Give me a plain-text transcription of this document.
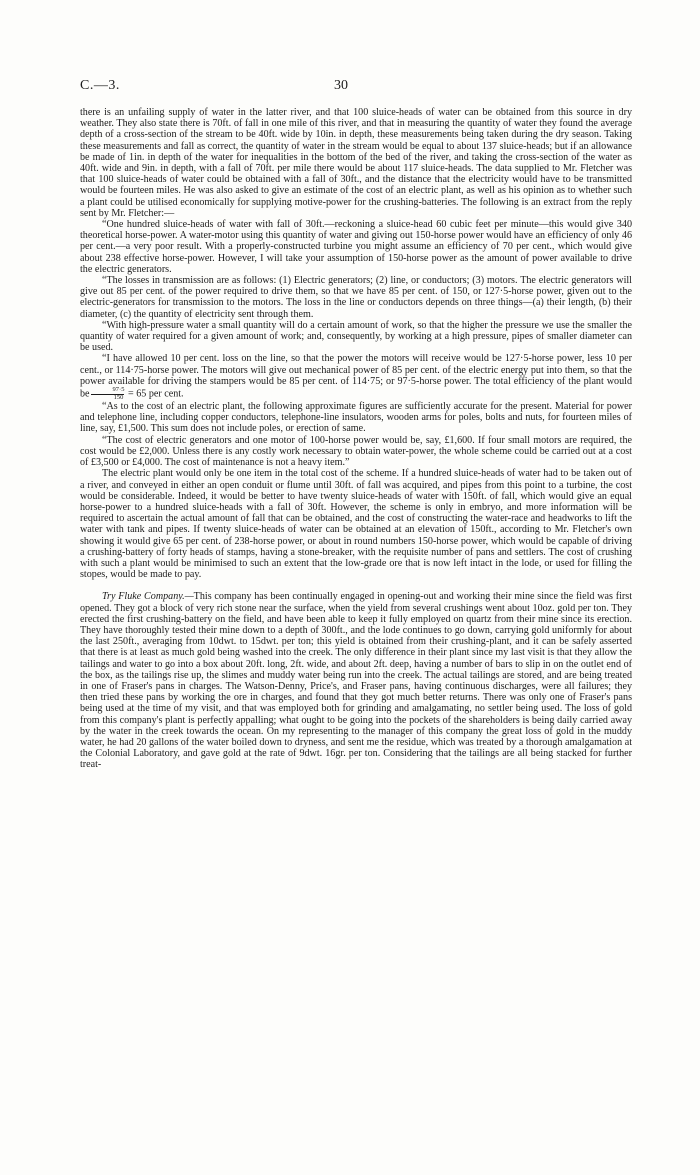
C.—3.	30

there is an unfailing supply of water in the latter river, and that 100 sluice-heads of water can be obtained from this source in dry weather. They also state there is 70ft. of fall in one mile of this river, and that in measuring the quantity of water they found the average depth of a cross-section of the stream to be 40ft. wide by 10in. in depth, these measurements being taken during the dry season. Taking these measurements and fall as correct, the quantity of water in the stream would be equal to about 137 sluice-heads; but if an allowance be made of 1in. in depth of the water for inequalities in the bottom of the bed of the river, and taking the cross-section of the water as 40ft. wide and 9in. in depth, with a fall of 70ft. per mile there would be about 117 sluice-heads. The data supplied to Mr. Fletcher was that 100 sluice-heads of water could be obtained with a fall of 30ft., and the distance that the electricity would have to be transmitted would be fourteen miles. He was also asked to give an estimate of the cost of an electric plant, as well as his opinion as to whether such a plant could be utilised economically for supplying motive-power for the crushing-batteries. The following is an extract from the reply sent by Mr. Fletcher:—

“One hundred sluice-heads of water with fall of 30ft.—reckoning a sluice-head 60 cubic feet per minute—this would give 340 theoretical horse-power. A water-motor using this quantity of water and giving out 150-horse power would have an efficiency of only 46 per cent.—a very poor result. With a properly-constructed turbine you might assume an efficiency of 70 per cent., which would give about 238 effective horse-power. However, I will take your assumption of 150-horse power as the amount of power available to drive the electric generators.

“The losses in transmission are as follows: (1) Electric generators; (2) line, or conductors; (3) motors. The electric generators will give out 85 per cent. of the power required to drive them, so that we have 85 per cent. of 150, or 127·5-horse power, given out to the electric-generators for transmission to the motors. The loss in the line or conductors depends on three things—(a) their length, (b) their diameter, (c) the quantity of electricity sent through them.

“With high-pressure water a small quantity will do a certain amount of work, so that the higher the pressure we use the smaller the quantity of water required for a given amount of work; and, consequently, by working at a high pressure, pipes of smaller diameter can be used.

“I have allowed 10 per cent. loss on the line, so that the power the motors will receive would be 127·5-horse power, less 10 per cent., or 114·75-horse power. The motors will give out mechanical power of 85 per cent. of the electric energy put into them, so that the power available for driving the stampers would be 85 per cent. of 114·75; or 97·5-horse power. The total efficiency of the plant would be $\frac{97\cdot 5}{150} = 65$ per cent.

“As to the cost of an electric plant, the following approximate figures are sufficiently accurate for the present. Material for power and telephone line, including copper conductors, telephone-line insulators, wooden arms for poles, bolts and nuts, for fourteen miles of line, say, £1,500. This sum does not include poles, or erection of same.

“The cost of electric generators and one motor of 100-horse power would be, say, £1,600. If four small motors are required, the cost would be £2,000. Unless there is any costly work necessary to obtain water-power, the whole scheme could be carried out at a cost of £3,500 or £4,000. The cost of maintenance is not a heavy item.”

The electric plant would only be one item in the total cost of the scheme. If a hundred sluice-heads of water had to be taken out of a river, and conveyed in either an open conduit or flume until 30ft. of fall was acquired, and pipes from this point to a turbine, the cost would be considerable. Indeed, it would be better to have twenty sluice-heads of water with 150ft. of fall, which would give an equal horse-power to a hundred sluice-heads with a fall of 30ft. However, the scheme is only in embryo, and more information will be required to ascertain the actual amount of fall that can be obtained, and the cost of constructing the water-race and headworks to lift the water with tank and pipes. If twenty sluice-heads of water can be obtained at an elevation of 150ft., according to Mr. Fletcher's own showing it would give 65 per cent. of 238-horse power, or about in round numbers 150-horse power, which would be capable of driving a crushing-battery of forty heads of stamps, having a stone-breaker, with the requisite number of pans and settlers. The cost of crushing with such a plant would be minimised to such an extent that the low-grade ore that is now left intact in the lode, or used for filling the stopes, would be made to pay.

Try Fluke Company.—This company has been continually engaged in opening-out and working their mine since the field was first opened. They got a block of very rich stone near the surface, when the yield from several crushings went about 10oz. gold per ton. They erected the first crushing-battery on the field, and have been able to keep it fully employed on quartz from their mine since its erection. They have thoroughly tested their mine down to a depth of 300ft., and the lode continues to go down, carrying gold uniformly for about the last 250ft., averaging from 10dwt. to 15dwt. per ton; this yield is obtained from their crushing-plant, and it can be safely asserted that there is at least as much gold being washed into the creek. The only difference in their plant since my last visit is that they allow the tailings and water to go into a box about 20ft. long, 2ft. wide, and about 2ft. deep, having a number of bars to slip in on the outlet end of the box, as the tailings rise up, the slimes and muddy water being run into the creek. The actual tailings are stored, and are being treated in one of Fraser's pans in charges. The Watson-Denny, Price's, and Fraser pans, having continuous discharges, were all failures; they then tried these pans by working the ore in charges, and found that they got much better returns. There was only one of Fraser's pans being used at the time of my visit, and that was employed both for grinding and amalgamating, no settler being used. The loss of gold from this company's plant is perfectly appalling; what ought to be going into the pockets of the shareholders is being daily carried away by the water in the creek towards the ocean. On my representing to the manager of this company the great loss of gold in the muddy water, he had 20 gallons of the water boiled down to dryness, and sent me the residue, which was treated by a thorough amalgamation at the Colonial Laboratory, and gave gold at the rate of 9dwt. 16gr. per ton. Considering that the tailings are all being stacked for further treat-
